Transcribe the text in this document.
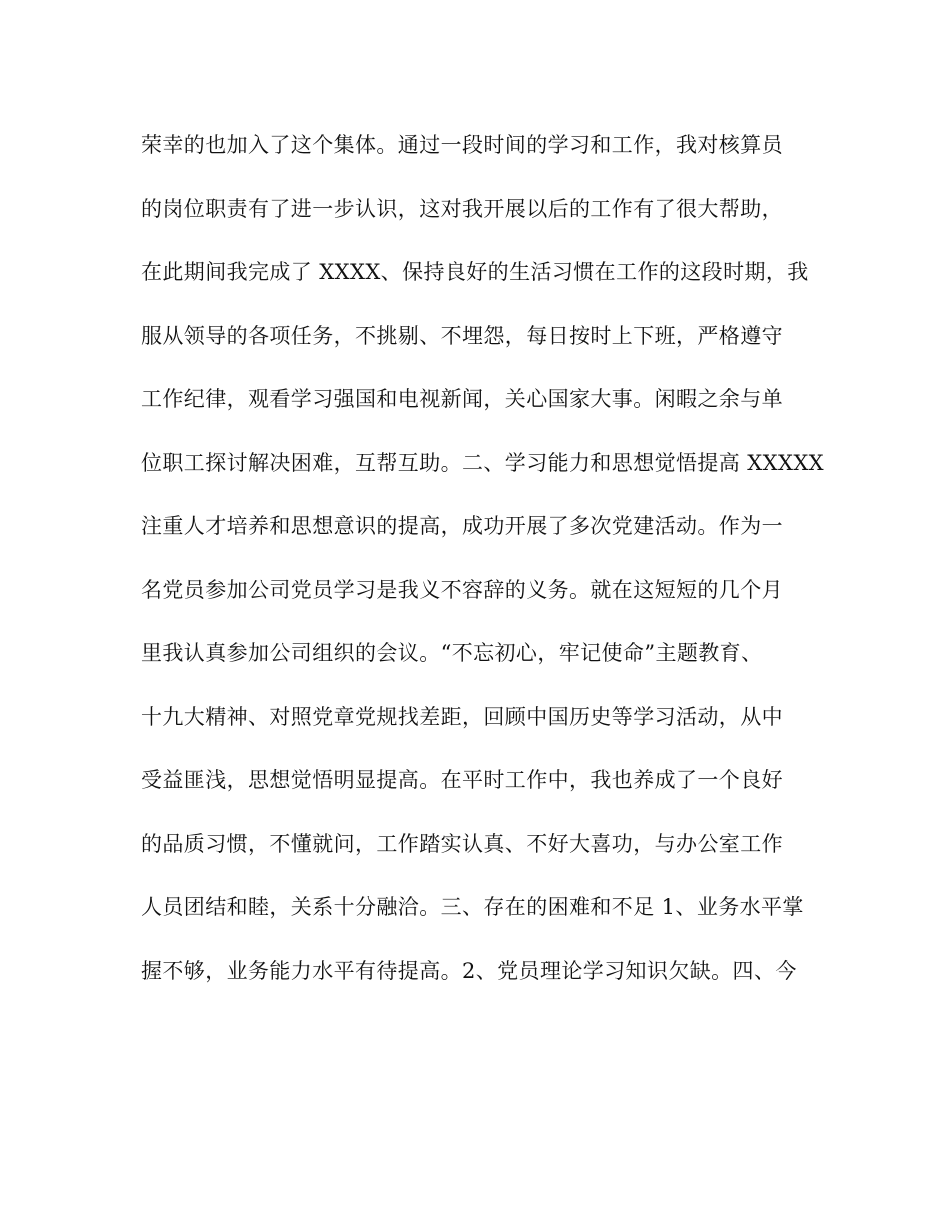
荣幸的也加入了这个集体。通过一段时间的学习和工作，我对核算员
的岗位职责有了进一步认识，这对我开展以后的工作有了很大帮助，
在此期间我完成了 XXXX、保持良好的生活习惯在工作的这段时期，我
服从领导的各项任务，不挑剔、不埋怨，每日按时上下班，严格遵守
工作纪律，观看学习强国和电视新闻，关心国家大事。闲暇之余与单
位职工探讨解决困难，互帮互助。二、学习能力和思想觉悟提高 XXXXX
注重人才培养和思想意识的提高，成功开展了多次党建活动。作为一
名党员参加公司党员学习是我义不容辞的义务。就在这短短的几个月
里我认真参加公司组织的会议。“不忘初心，牢记使命”主题教育、
十九大精神、对照党章党规找差距，回顾中国历史等学习活动，从中
受益匪浅，思想觉悟明显提高。在平时工作中，我也养成了一个良好
的品质习惯，不懂就问，工作踏实认真、不好大喜功，与办公室工作
人员团结和睦，关系十分融洽。三、存在的困难和不足 1、业务水平掌
握不够，业务能力水平有待提高。2、党员理论学习知识欠缺。四、今
